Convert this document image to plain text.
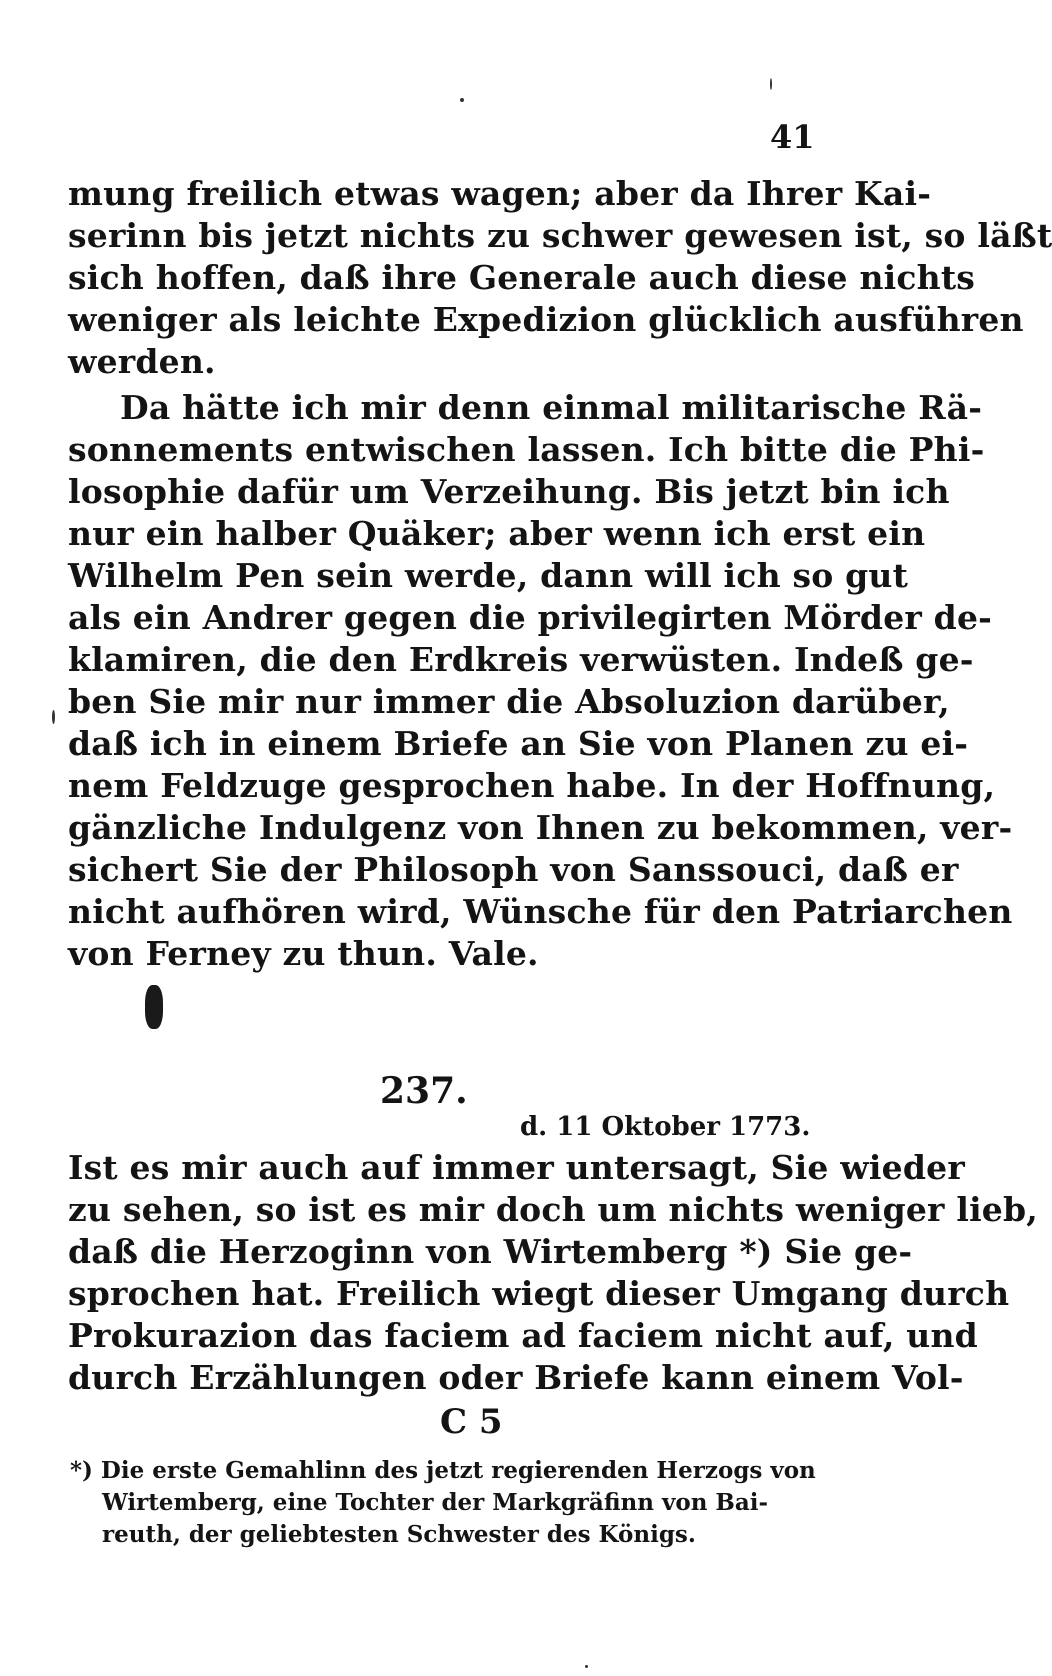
41
mung freilich etwas wagen; aber da Ihrer Kai-
serinn bis jetzt nichts zu schwer gewesen ist, so läßt
sich hoffen, daß ihre Generale auch diese nichts
weniger als leichte Expedizion glücklich ausführen
werden.
Da hätte ich mir denn einmal militarische Rä-
sonnements entwischen lassen. Ich bitte die Phi-
losophie dafür um Verzeihung. Bis jetzt bin ich
nur ein halber Quäker; aber wenn ich erst ein
Wilhelm Pen sein werde, dann will ich so gut
als ein Andrer gegen die privilegirten Mörder de-
klamiren, die den Erdkreis verwüsten. Indeß ge-
ben Sie mir nur immer die Absoluzion darüber,
daß ich in einem Briefe an Sie von Planen zu ei-
nem Feldzuge gesprochen habe. In der Hoffnung,
gänzliche Indulgenz von Ihnen zu bekommen, ver-
sichert Sie der Philosoph von Sanssouci, daß er
nicht aufhören wird, Wünsche für den Patriarchen
von Ferney zu thun. Vale.
237.
d. 11 Oktober 1773.
Ist es mir auch auf immer untersagt, Sie wieder
zu sehen, so ist es mir doch um nichts weniger lieb,
daß die Herzoginn von Wirtemberg *) Sie ge-
sprochen hat. Freilich wiegt dieser Umgang durch
Prokurazion das faciem ad faciem nicht auf, und
durch Erzählungen oder Briefe kann einem Vol-
C 5
*) Die erste Gemahlinn des jetzt regierenden Herzogs von
Wirtemberg, eine Tochter der Markgräfinn von Bai-
reuth, der geliebtesten Schwester des Königs.
